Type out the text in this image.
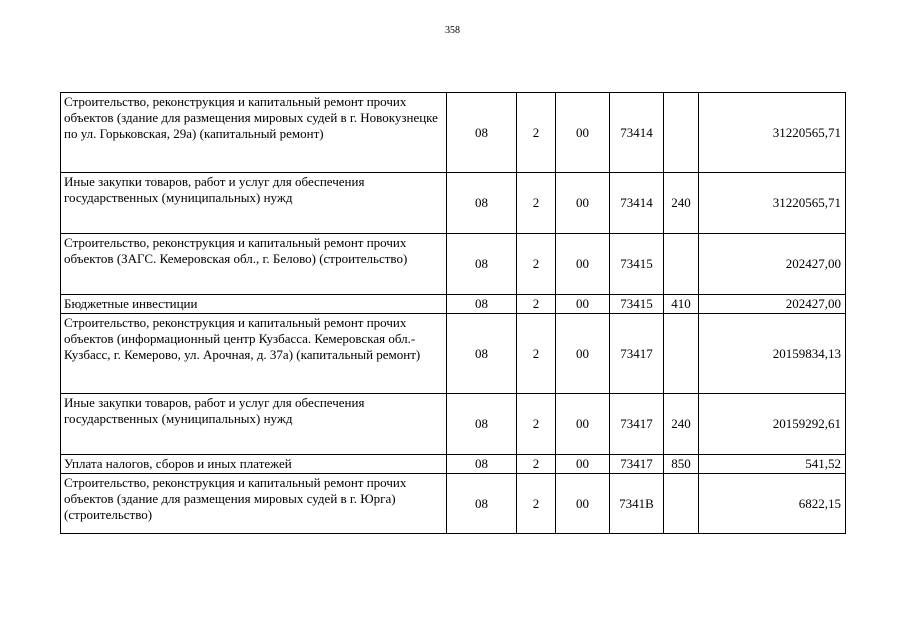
358
Строительство, реконструкция и капитальный ремонт прочих объектов (здание для размещения мировых судей в г. Новокузнецке по ул. Горьковская, 29а) (капитальный ремонт)	08	2	00	73414		31220565,71
Иные закупки товаров, работ и услуг для обеспечения государственных (муниципальных) нужд	08	2	00	73414	240	31220565,71
Строительство, реконструкция и капитальный ремонт прочих объектов (ЗАГС. Кемеровская обл., г. Белово) (строительство)	08	2	00	73415		202427,00
Бюджетные инвестиции	08	2	00	73415	410	202427,00
Строительство, реконструкция и капитальный ремонт прочих объектов (информационный центр Кузбасса. Кемеровская обл.-Кузбасс, г. Кемерово, ул. Арочная, д. 37а) (капитальный ремонт)	08	2	00	73417		20159834,13
Иные закупки товаров, работ и услуг для обеспечения государственных (муниципальных) нужд	08	2	00	73417	240	20159292,61
Уплата налогов, сборов и иных платежей	08	2	00	73417	850	541,52
Строительство, реконструкция и капитальный ремонт прочих объектов (здание для размещения мировых судей в г. Юрга) (строительство)	08	2	00	7341В		6822,15
